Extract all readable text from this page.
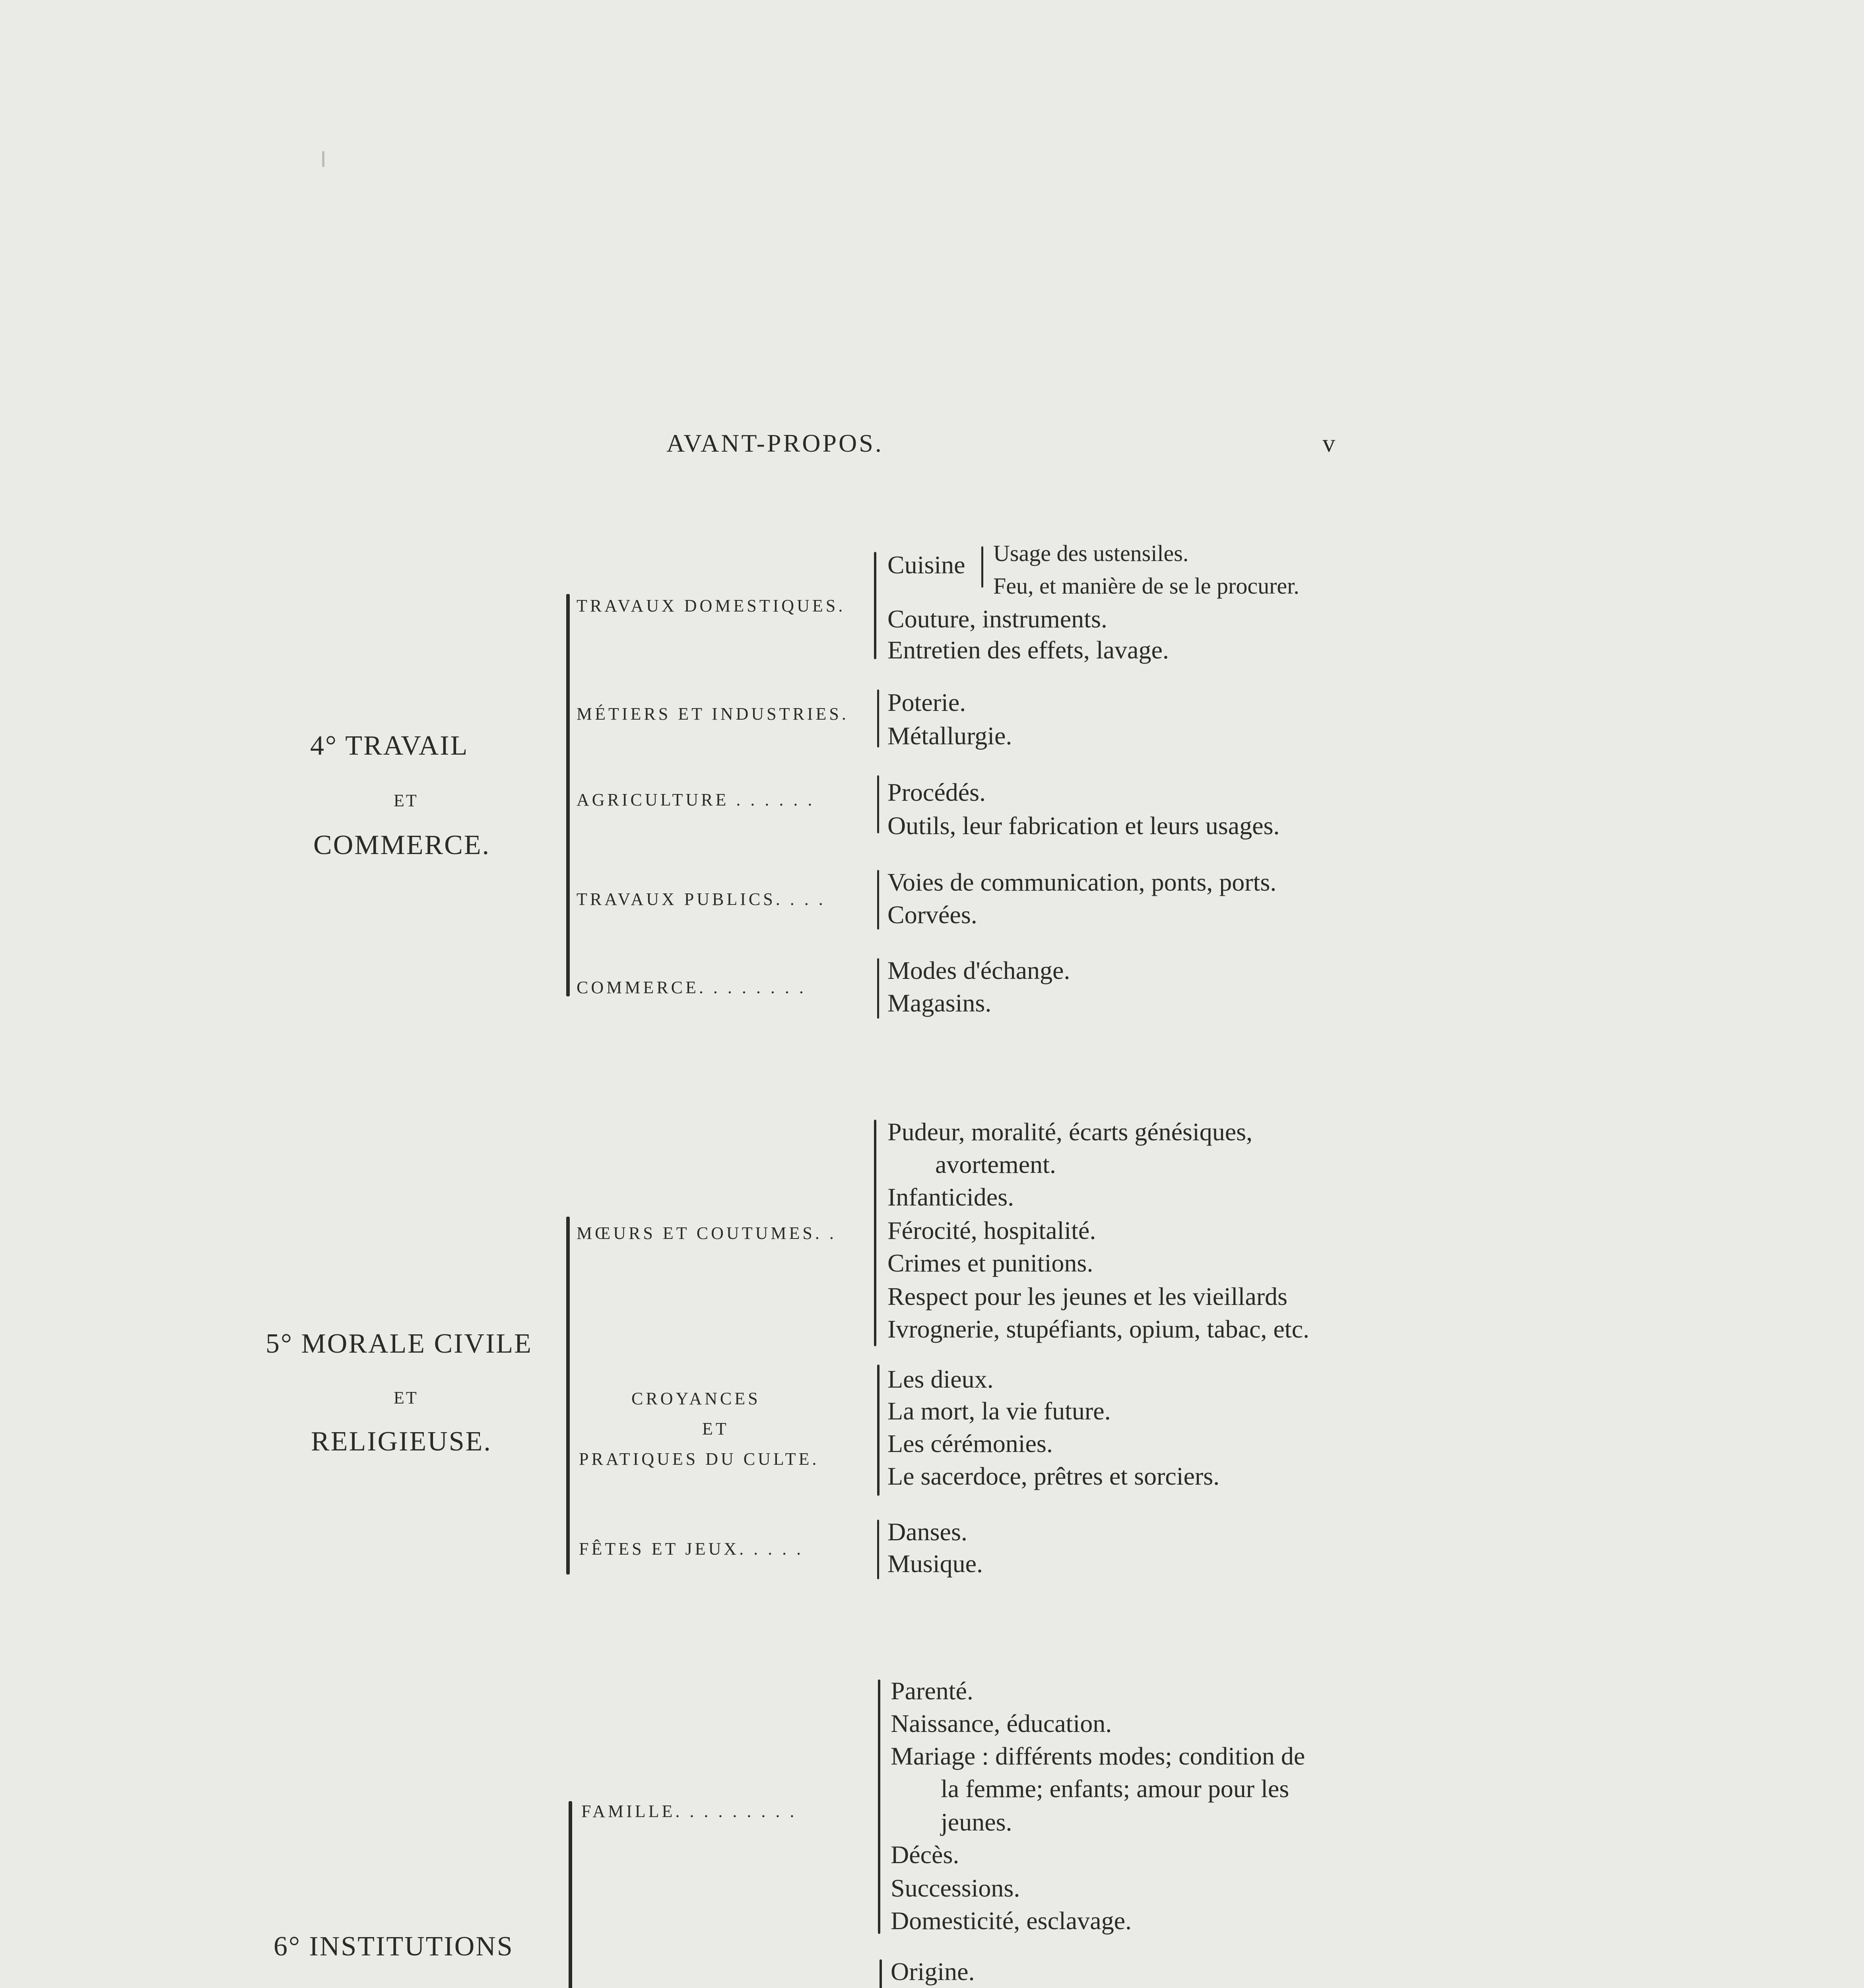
AVANT-PROPOS.	v
4° TRAVAIL
ET
COMMERCE.
TRAVAUX DOMESTIQUES.
Cuisine Usage des ustensiles.
Feu, et manière de se le procurer.
Couture, instruments.
Entretien des effets, lavage.
MÉTIERS ET INDUSTRIES. Poterie.
Métallurgie.
AGRICULTURE . . . . . .	Procédés.
Outils, leur fabrication et leurs usages.
TRAVAUX PUBLICS. . . .
Voies de communication, ponts, ports.
Corvées.
COMMERCE. . . . . . . .
Modes d'échange.
Magasins.
5° MORALE CIVILE
ET
RELIGIEUSE.
MŒURS ET COUTUMES. .
Pudeur, moralité, écarts génésiques,
avortement.
Infanticides.
Férocité, hospitalité.
Crimes et punitions.
Respect pour les jeunes et les vieillards
Ivrognerie, stupéfiants, opium, tabac, etc.
CROYANCES
ET
PRATIQUES DU CULTE.
Les dieux.
La mort, la vie future.
Les cérémonies.
Le sacerdoce, prêtres et sorciers.
FÊTES ET JEUX. . . . .
Danses.
Musique.
6° INSTITUTIONS
FAMILLE. . . . . . . . .
Parenté.
Naissance, éducation.
Mariage : différents modes; condition de
la femme; enfants; amour pour les
jeunes.
Décès.
Successions.
Domesticité, esclavage.
Origine.
